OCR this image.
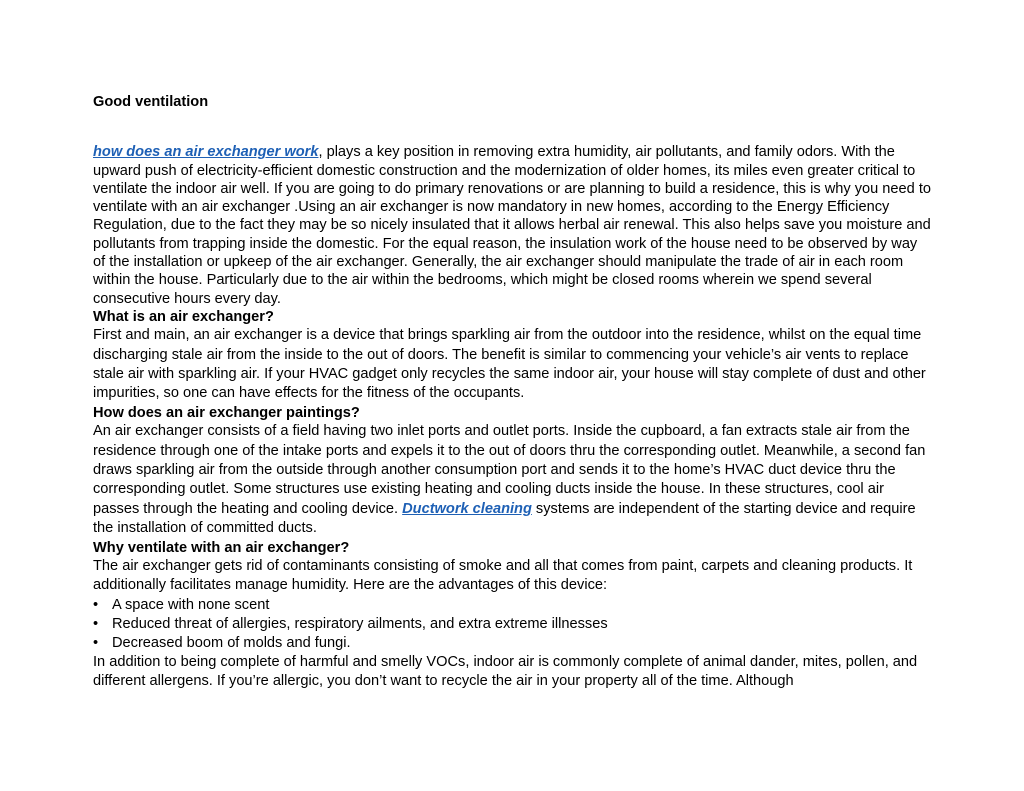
Good ventilation

how does an air exchanger work, plays a key position in removing extra humidity, air pollutants, and family odors. With the upward push of electricity-efficient domestic construction and the modernization of older homes, its miles even greater critical to ventilate the indoor air well. If you are going to do primary renovations or are planning to build a residence, this is why you need to ventilate with an air exchanger .Using an air exchanger is now mandatory in new homes, according to the Energy Efficiency Regulation, due to the fact they may be so nicely insulated that it allows herbal air renewal. This also helps save you moisture and pollutants from trapping inside the domestic. For the equal reason, the insulation work of the house need to be observed by way of the installation or upkeep of the air exchanger. Generally, the air exchanger should manipulate the trade of air in each room within the house. Particularly due to the air within the bedrooms, which might be closed rooms wherein we spend several consecutive hours every day.

What is an air exchanger?

First and main, an air exchanger is a device that brings sparkling air from the outdoor into the residence, whilst on the equal time discharging stale air from the inside to the out of doors. The benefit is similar to commencing your vehicle’s air vents to replace stale air with sparkling air. If your HVAC gadget only recycles the same indoor air, your house will stay complete of dust and other impurities, so one can have effects for the fitness of the occupants.

How does an air exchanger paintings?

An air exchanger consists of a field having two inlet ports and outlet ports. Inside the cupboard, a fan extracts stale air from the residence through one of the intake ports and expels it to the out of doors thru the corresponding outlet. Meanwhile, a second fan draws sparkling air from the outside through another consumption port and sends it to the home’s HVAC duct device thru the corresponding outlet. Some structures use existing heating and cooling ducts inside the house. In these structures, cool air passes through the heating and cooling device. Ductwork cleaning systems are independent of the starting device and require the installation of committed ducts.

Why ventilate with an air exchanger?

The air exchanger gets rid of contaminants consisting of smoke and all that comes from paint, carpets and cleaning products. It additionally facilitates manage humidity. Here are the advantages of this device:

• A space with none scent
• Reduced threat of allergies, respiratory ailments, and extra extreme illnesses
• Decreased boom of molds and fungi.

In addition to being complete of harmful and smelly VOCs, indoor air is commonly complete of animal dander, mites, pollen, and different allergens. If you’re allergic, you don’t want to recycle the air in your property all of the time. Although
